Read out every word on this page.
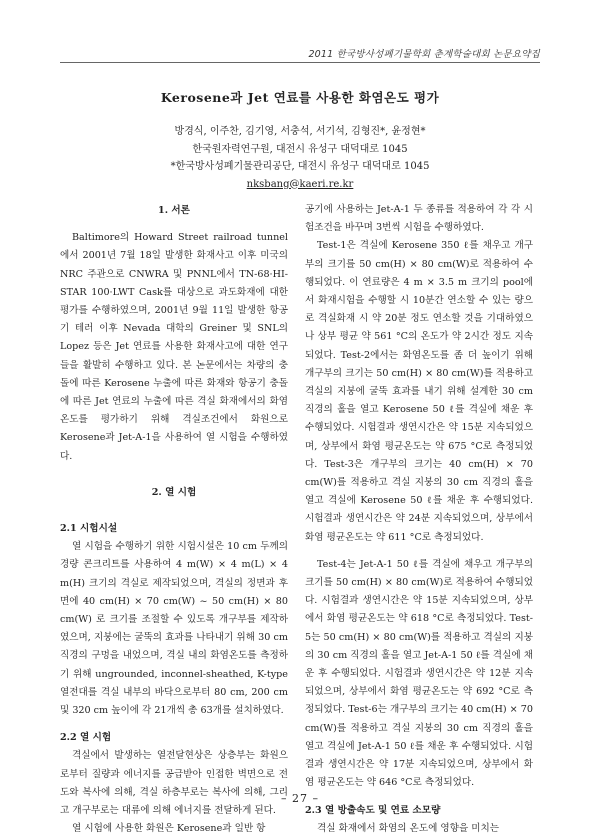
2011 한국방사성폐기물학회 춘계학술대회 논문요약집
Kerosene과 Jet 연료를 사용한 화염온도 평가
방경식, 이주찬, 김기영, 서충석, 서기석, 김형진*, 윤정현*
한국원자력연구원, 대전시 유성구 대덕대로 1045
*한국방사성폐기물관리공단, 대전시 유성구 대덕대로 1045
nksbang@kaeri.re.kr

1. 서론

Baltimore의 Howard Street railroad tunnel에서 2001년 7월 18일 발생한 화재사고 이후 미국의 NRC 주관으로 CNWRA 및 PNNL에서 TN-68·HI-STAR 100·LWT Cask를 대상으로 과도화재에 대한 평가를 수행하였으며, 2001년 9월 11일 발생한 항공기 테러 이후 Nevada 대학의 Greiner 및 SNL의 Lopez 등은 Jet 연료를 사용한 화재사고에 대한 연구들을 활발히 수행하고 있다. 본 논문에서는 차량의 충돌에 따른 Kerosene 누출에 따른 화재와 항공기 충돌에 따른 Jet 연료의 누출에 따른 격실 화재에서의 화염온도를 평가하기 위해 격실조건에서 화원으로 Kerosene과 Jet-A-1을 사용하여 열 시험을 수행하였다.

2. 열 시험

2.1 시험시설

열 시험을 수행하기 위한 시험시설은 10 cm 두께의 경량 콘크리트를 사용하여 4 m(W) × 4 m(L) × 4 m(H) 크기의 격실로 제작되었으며, 격실의 정면과 후면에 40 cm(H) × 70 cm(W) ~ 50 cm(H) × 80 cm(W) 로 크기를 조절할 수 있도록 개구부를 제작하였으며, 지붕에는 굴뚝의 효과를 나타내기 위해 30 cm 직경의 구멍을 내었으며, 격실 내의 화염온도를 측정하기 위해 ungrounded, inconnel-sheathed, K-type 열전대를 격실 내부의 바닥으로부터 80 cm, 200 cm 및 320 cm 높이에 각 21개씩 총 63개를 설치하였다.

2.2 열 시험

격실에서 발생하는 열전달현상은 상층부는 화원으로부터 질량과 에너지를 공급받아 인접한 벽면으로 전도와 복사에 의해, 격실 하층부로는 복사에 의해, 그리고 개구부로는 대류에 의해 에너지를 전달하게 된다.

열 시험에 사용한 화원은 Kerosene과 일반 항

공기에 사용하는 Jet-A-1 두 종류를 적용하여 각 각 시험조건을 바꾸며 3번씩 시험을 수행하였다.

Test-1은 격실에 Kerosene 350 ℓ를 채우고 개구부의 크기를 50 cm(H) × 80 cm(W)로 적용하여 수행되었다. 이 연료량은 4 m × 3.5 m 크기의 pool에서 화재시험을 수행할 시 10분간 연소할 수 있는 량으로 격실화재 시 약 20분 정도 연소할 것을 기대하였으나 상부 평균 약 561 °C의 온도가 약 2시간 정도 지속되었다. Test-2에서는 화염온도를 좀 더 높이기 위해 개구부의 크기는 50 cm(H) × 80 cm(W)를 적용하고 격실의 지붕에 굴뚝 효과를 내기 위해 설계한 30 cm 직경의 홀을 열고 Kerosene 50 ℓ를 격실에 채운 후 수행되었다. 시험결과 생연시간은 약 15분 지속되었으며, 상부에서 화염 평균온도는 약 675 °C로 측정되었다. Test-3은 개구부의 크기는 40 cm(H) × 70 cm(W)를 적용하고 격실 지붕의 30 cm 직경의 홀을 열고 격실에 Kerosene 50 ℓ를 채운 후 수행되었다. 시험결과 생연시간은 약 24분 지속되었으며, 상부에서 화염 평균온도는 약 611 °C로 측정되었다.

Test-4는 Jet-A-1 50 ℓ를 격실에 채우고 개구부의 크기를 50 cm(H) × 80 cm(W)로 적용하여 수행되었다. 시험결과 생연시간은 약 15분 지속되었으며, 상부에서 화염 평균온도는 약 618 °C로 측정되었다. Test-5는 50 cm(H) × 80 cm(W)를 적용하고 격실의 지붕의 30 cm 직경의 홀을 열고 Jet-A-1 50 ℓ를 격실에 채운 후 수행되었다. 시험결과 생연시간은 약 12분 지속되었으며, 상부에서 화염 평균온도는 약 692 °C로 측정되었다. Test-6는 개구부의 크기는 40 cm(H) × 70 cm(W)를 적용하고 격실 지붕의 30 cm 직경의 홀을 열고 격실에 Jet-A-1 50 ℓ를 채운 후 수행되었다. 시험결과 생연시간은 약 17분 지속되었으며, 상부에서 화염 평균온도는 약 646 °C로 측정되었다.

2.3 열 방출속도 및 연료 소모량

격실 화재에서 화염의 온도에 영향을 미치는

– 27 –
